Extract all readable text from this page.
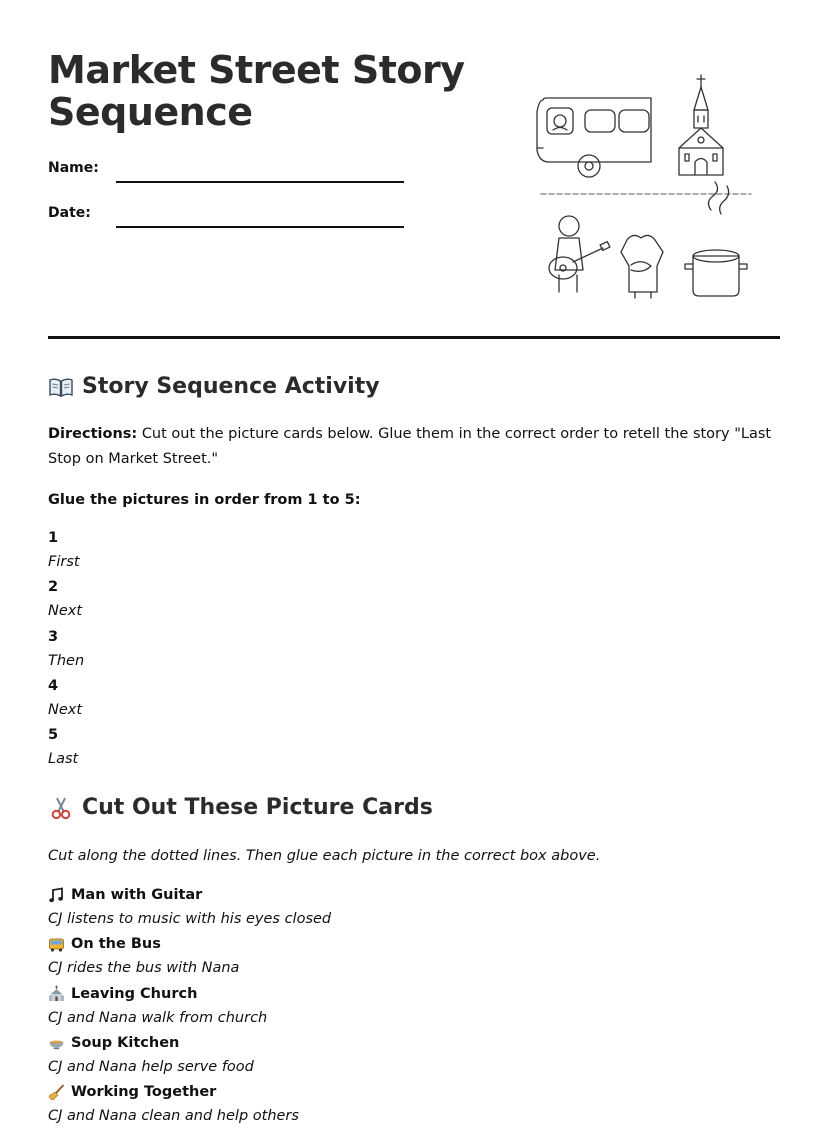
Market Street Story Sequence
Name:
Date:
Story Sequence Activity

Directions: Cut out the picture cards below. Glue them in the correct order to retell the story "Last Stop on Market Street."

Glue the pictures in order from 1 to 5:
1
First
2
Next
3
Then
4
Next
5
Last
Cut Out These Picture Cards
Cut along the dotted lines. Then glue each picture in the correct box above.
Man with Guitar
CJ listens to music with his eyes closed
On the Bus
CJ rides the bus with Nana
Leaving Church
CJ and Nana walk from church
Soup Kitchen
CJ and Nana help serve food
Working Together
CJ and Nana clean and help others
